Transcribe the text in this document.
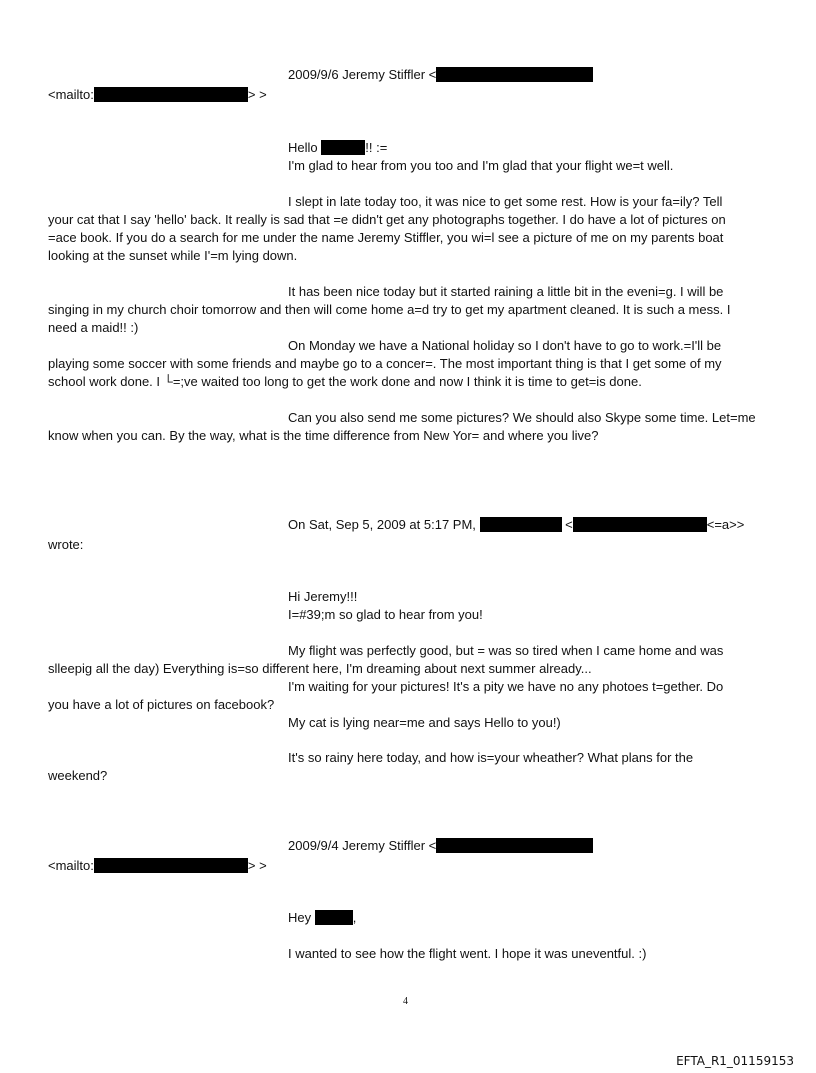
2009/9/6 Jeremy Stiffler <
<mailto:	> >
Hello	!! :=
I'm glad to hear from you too and I'm glad that your flight we=t well.
I slept in late today too, it was nice to get some rest. How is your fa=ily? Tell
your cat that I say 'hello' back. It really is sad that =e didn't get any photographs together. I do have a lot of pictures on
=ace book. If you do a search for me under the name Jeremy Stiffler, you wi=l see a picture of me on my parents boat
looking at the sunset while I'=m lying down.
It has been nice today but it started raining a little bit in the eveni=g. I will be
singing in my church choir tomorrow and then will come home a=d try to get my apartment cleaned. It is such a mess. I
need a maid!! :)
On Monday we have a National holiday so I don't have to go to work.=I'll be
playing some soccer with some friends and maybe go to a concer=. The most important thing is that I get some of my
school work done. I └=;ve waited too long to get the work done and now I think it is time to get=is done.
Can you also send me some pictures? We should also Skype some time. Let=me
know when you can. By the way, what is the time difference from New Yor= and where you live?
On Sat, Sep 5, 2009 at 5:17 PM,	<	<=a>>
wrote:
Hi Jeremy!!!
I=#39;m so glad to hear from you!
My flight was perfectly good, but = was so tired when I came home and was
slleepig all the day) Everything is=so different here, I'm dreaming about next summer already...
I'm waiting for your pictures! It's a pity we have no any photoes t=gether. Do
you have a lot of pictures on facebook?
My cat is lying near=me and says Hello to you!)
It's so rainy here today, and how is=your wheather? What plans for the
weekend?
2009/9/4 Jeremy Stiffler <
<mailto:	> >
Hey	,
I wanted to see how the flight went. I hope it was uneventful. :)
4
EFTA_R1_01159153
